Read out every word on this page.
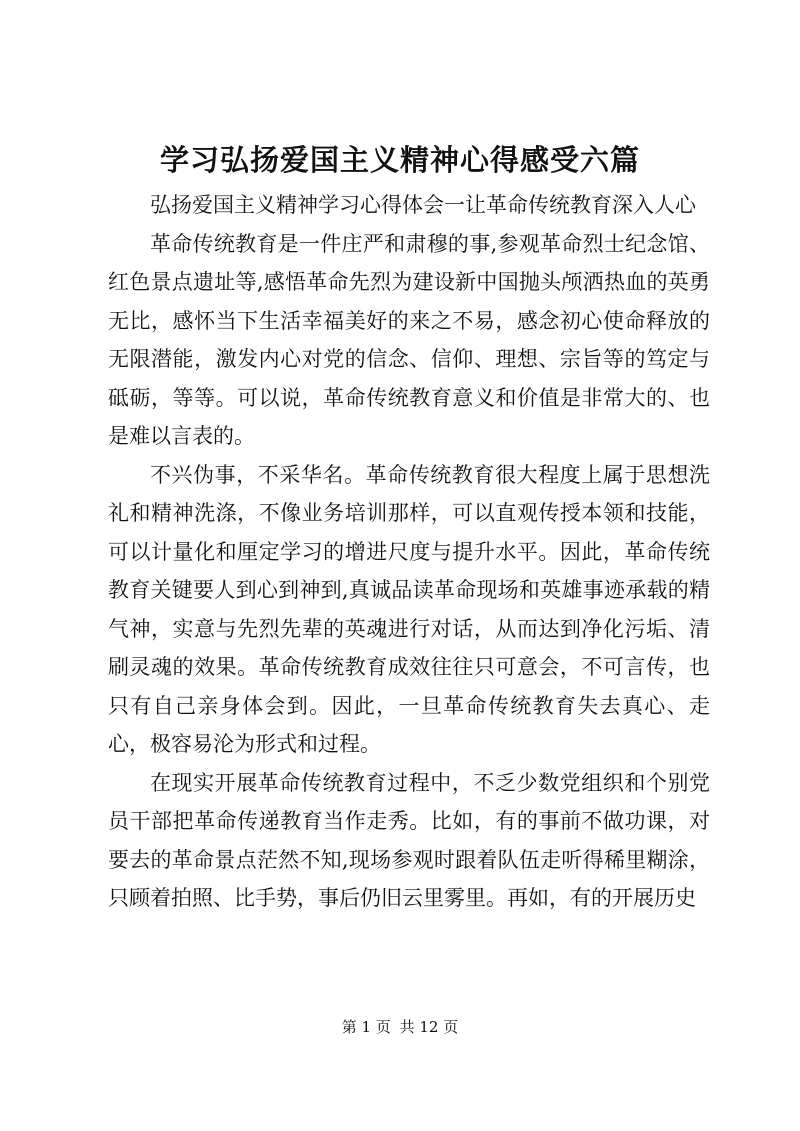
学习弘扬爱国主义精神心得感受六篇

弘扬爱国主义精神学习心得体会一让革命传统教育深入人心

革命传统教育是一件庄严和肃穆的事,参观革命烈士纪念馆、红色景点遗址等,感悟革命先烈为建设新中国抛头颅洒热血的英勇无比，感怀当下生活幸福美好的来之不易，感念初心使命释放的无限潜能，激发内心对党的信念、信仰、理想、宗旨等的笃定与砥砺，等等。可以说，革命传统教育意义和价值是非常大的、也是难以言表的。

不兴伪事，不采华名。革命传统教育很大程度上属于思想洗礼和精神洗涤，不像业务培训那样，可以直观传授本领和技能，可以计量化和厘定学习的增进尺度与提升水平。因此，革命传统教育关键要人到心到神到,真诚品读革命现场和英雄事迹承载的精气神，实意与先烈先辈的英魂进行对话，从而达到净化污垢、清刷灵魂的效果。革命传统教育成效往往只可意会，不可言传，也只有自己亲身体会到。因此，一旦革命传统教育失去真心、走心，极容易沦为形式和过程。

在现实开展革命传统教育过程中，不乏少数党组织和个别党员干部把革命传递教育当作走秀。比如，有的事前不做功课，对要去的革命景点茫然不知,现场参观时跟着队伍走听得稀里糊涂，只顾着拍照、比手势，事后仍旧云里雾里。再如，有的开展历史

第 1 页 共 12 页
